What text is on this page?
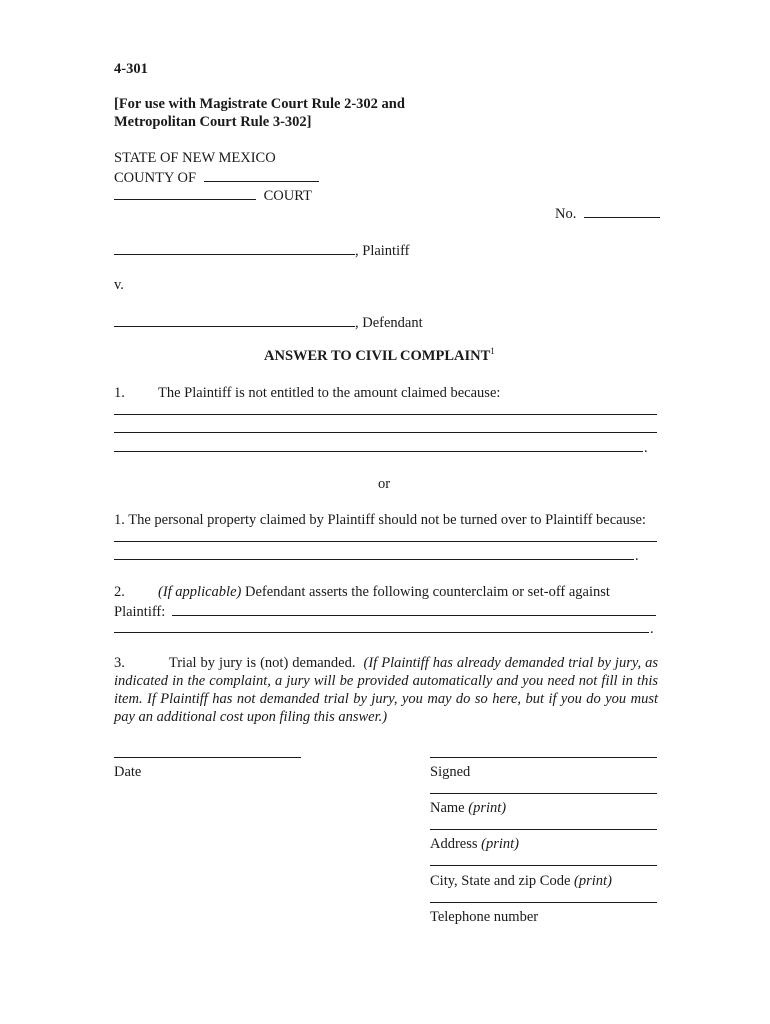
4-301
[For use with Magistrate Court Rule 2-302 and
Metropolitan Court Rule 3-302]
STATE OF NEW MEXICO
COUNTY OF
COURT
No.
, Plaintiff
v.
, Defendant
ANSWER TO CIVIL COMPLAINT$^1$
1. The Plaintiff is not entitled to the amount claimed because:
.
or
1. The personal property claimed by Plaintiff should not be turned over to Plaintiff because:
.
2. (If applicable) Defendant asserts the following counterclaim or set-off against
Plaintiff:
.
3.	Trial by jury is (not) demanded. (If Plaintiff has already demanded trial by jury, as indicated in the complaint, a jury will be provided automatically and you need not fill in this item. If Plaintiff has not demanded trial by jury, you may do so here, but if you do you must pay an additional cost upon filing this answer.)
Date	Signed
Name (print)
Address (print)
City, State and zip Code (print)
Telephone number
